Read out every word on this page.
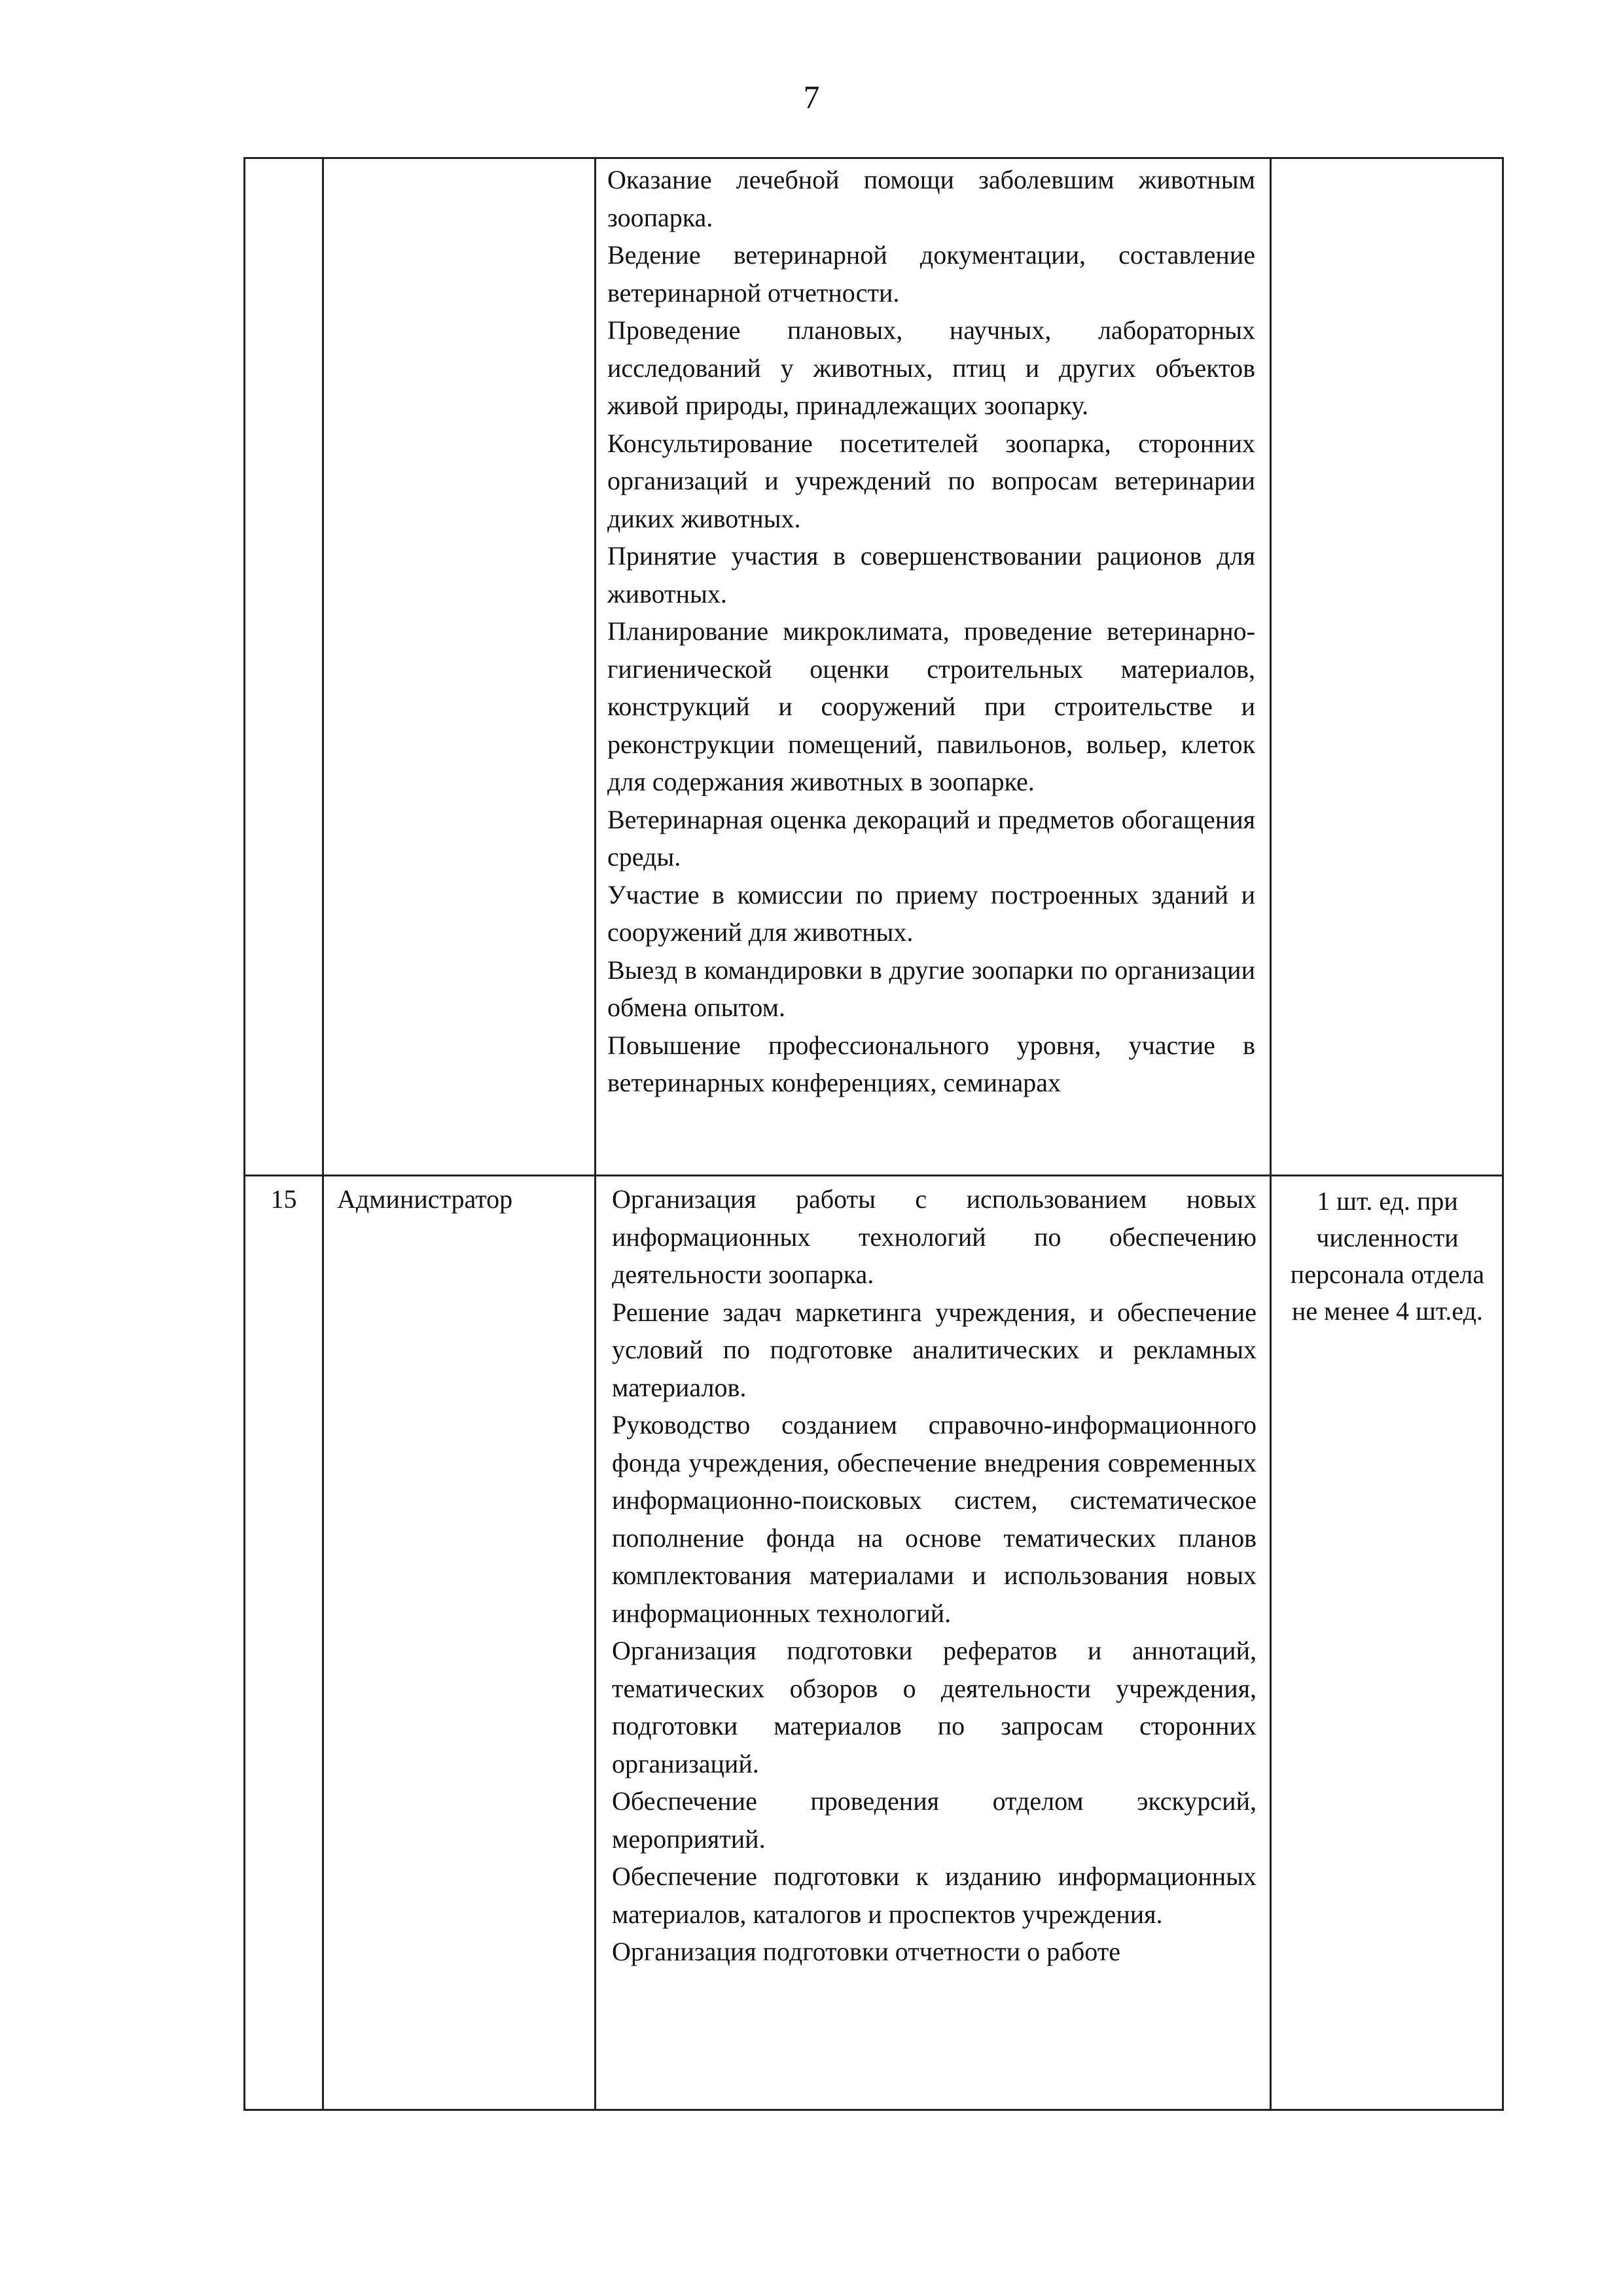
7

Оказание лечебной помощи заболевшим животным зоопарка.

Ведение ветеринарной документации, составление ветеринарной отчетности.

Проведение плановых, научных, лабораторных исследований у животных, птиц и других объектов живой природы, принадлежащих зоопарку.

Консультирование посетителей зоопарка, сторонних организаций и учреждений по вопросам ветеринарии диких животных.

Принятие участия в совершенствовании рационов для животных.

Планирование микроклимата, проведение ветеринарно-гигиенической оценки строительных материалов, конструкций и сооружений при строительстве и реконструкции помещений, павильонов, вольер, клеток для содержания животных в зоопарке.

Ветеринарная оценка декораций и предметов обогащения среды.

Участие в комиссии по приему построенных зданий и сооружений для животных.

Выезд в командировки в другие зоопарки по организации обмена опытом.

Повышение профессионального уровня, участие в ветеринарных конференциях, семинарах

15	Администратор	Организация работы с использованием новых информационных технологий по обеспечению деятельности зоопарка.

Решение задач маркетинга учреждения, и обеспечение условий по подготовке аналитических и рекламных материалов.

Руководство созданием справочно-информационного фонда учреждения, обеспечение внедрения современных информационно-поисковых систем, систематическое пополнение фонда на основе тематических планов комплектования материалами и использования новых информационных технологий.

Организация подготовки рефератов и аннотаций, тематических обзоров о деятельности учреждения, подготовки материалов по запросам сторонних организаций.

Обеспечение проведения отделом экскурсий, мероприятий.

Обеспечение подготовки к изданию информационных материалов, каталогов и проспектов учреждения.

Организация подготовки отчетности о работе

1 шт. ед. при численности персонала отдела не менее 4 шт.ед.
